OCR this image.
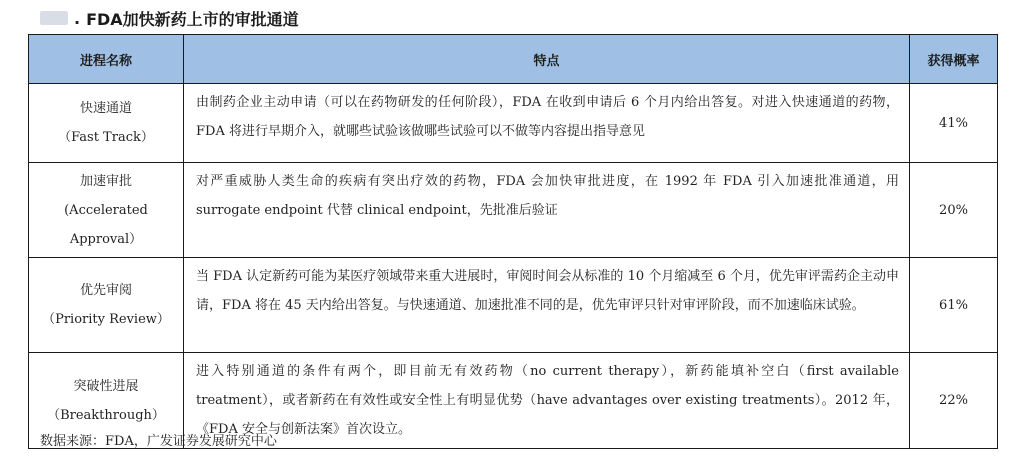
. FDA加快新药上市的审批通道
进程名称	特点	获得概率

快速通道
（Fast Track）	由制药企业主动申请（可以在药物研发的任何阶段），FDA 在收到申请后 6 个月内给出答复。对进入快速通道的药物，FDA 将进行早期介入，就哪些试验该做哪些试验可以不做等内容提出指导意见	41%

加速审批
(Accelerated
Approval）	对严重威胁人类生命的疾病有突出疗效的药物，FDA 会加快审批进度，在 1992 年 FDA 引入加速批准通道，用 surrogate endpoint 代替 clinical endpoint，先批准后验证	20%

优先审阅
（Priority Review）	当 FDA 认定新药可能为某医疗领域带来重大进展时，审阅时间会从标准的 10 个月缩减至 6 个月，优先审评需药企主动申请，FDA 将在 45 天内给出答复。与快速通道、加速批准不同的是，优先审评只针对审评阶段，而不加速临床试验。	61%

突破性进展
（Breakthrough）	进入特别通道的条件有两个，即目前无有效药物（no current therapy），新药能填补空白（first available treatment），或者新药在有效性或安全性上有明显优势（have advantages over existing treatments）。2012 年，《FDA 安全与创新法案》首次设立。	22%
数据来源：FDA，广发证券发展研究中心
